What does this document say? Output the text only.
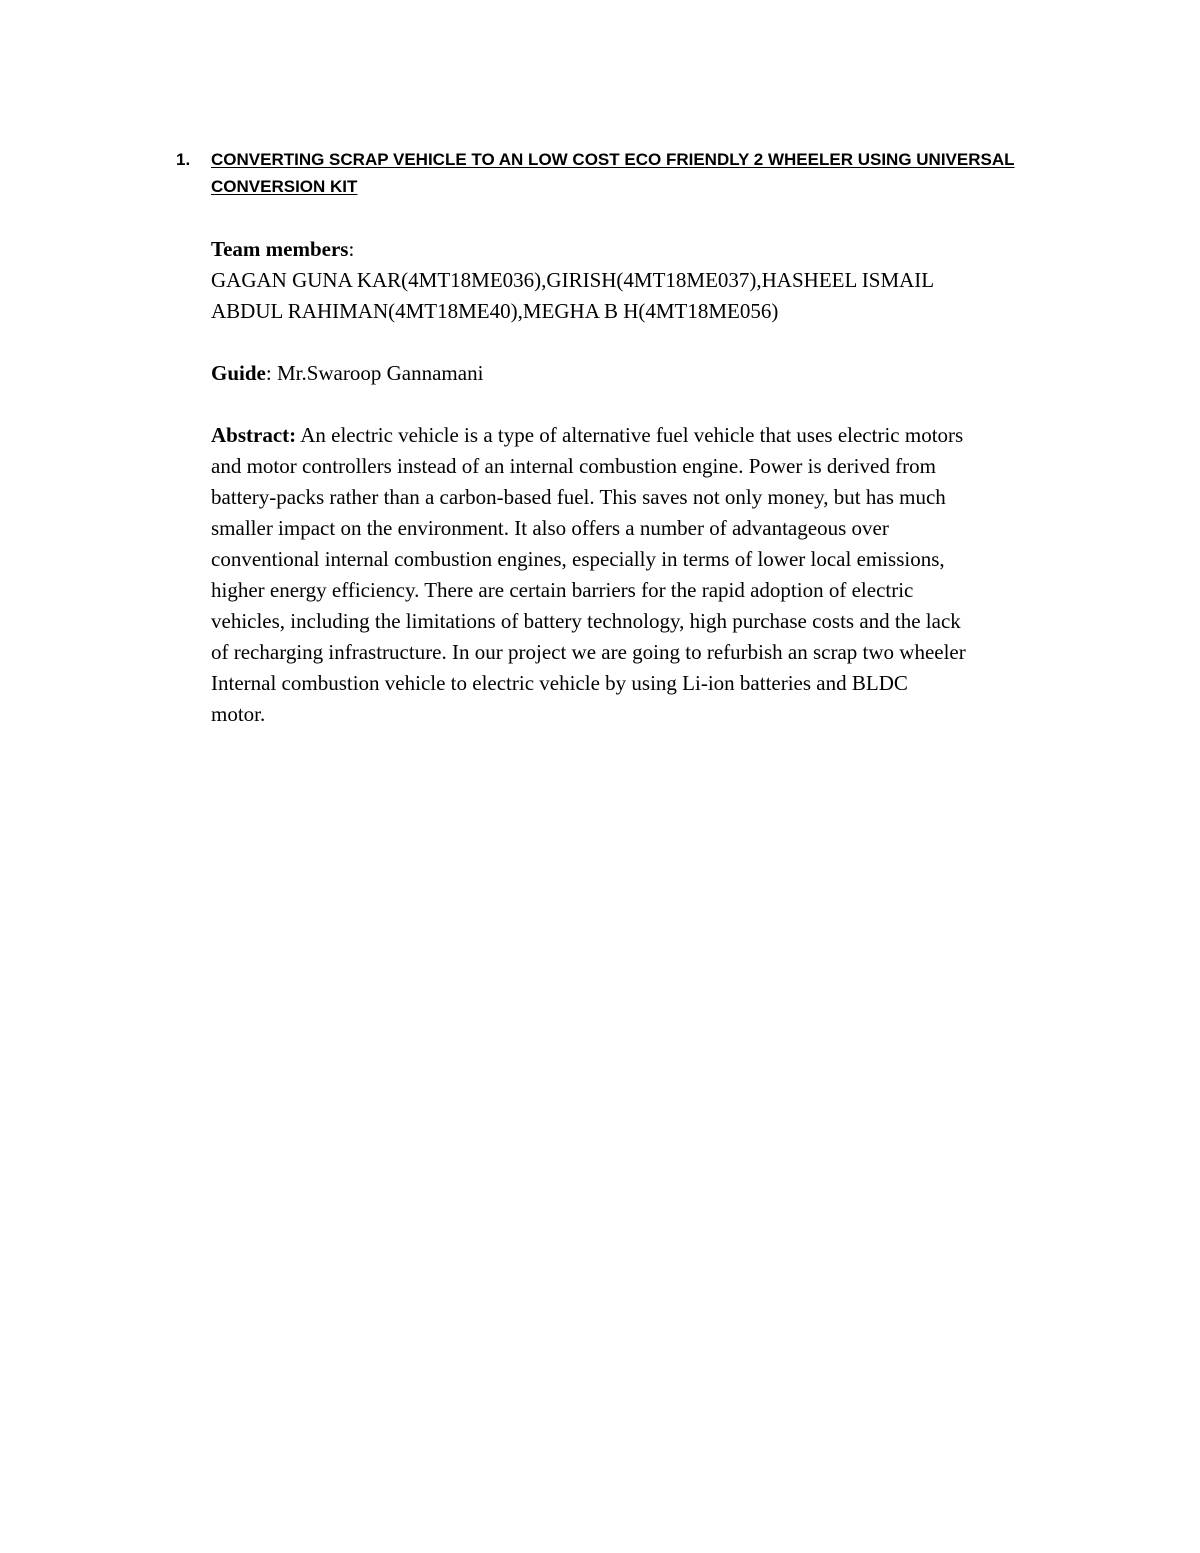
1. CONVERTING SCRAP VEHICLE TO AN LOW COST ECO FRIENDLY 2 WHEELER USING UNIVERSAL
CONVERSION KIT

Team members:

GAGAN GUNA KAR(4MT18ME036),GIRISH(4MT18ME037),HASHEEL ISMAIL

ABDUL RAHIMAN(4MT18ME40),MEGHA B H(4MT18ME056)

Guide: Mr.Swaroop Gannamani

Abstract: An electric vehicle is a type of alternative fuel vehicle that uses electric motors

and motor controllers instead of an internal combustion engine. Power is derived from

battery-packs rather than a carbon-based fuel. This saves not only money, but has much

smaller impact on the environment. It also offers a number of advantageous over

conventional internal combustion engines, especially in terms of lower local emissions,

higher energy efficiency. There are certain barriers for the rapid adoption of electric

vehicles, including the limitations of battery technology, high purchase costs and the lack

of recharging infrastructure. In our project we are going to refurbish an scrap two wheeler

Internal combustion vehicle to electric vehicle by using Li-ion batteries and BLDC

motor.
